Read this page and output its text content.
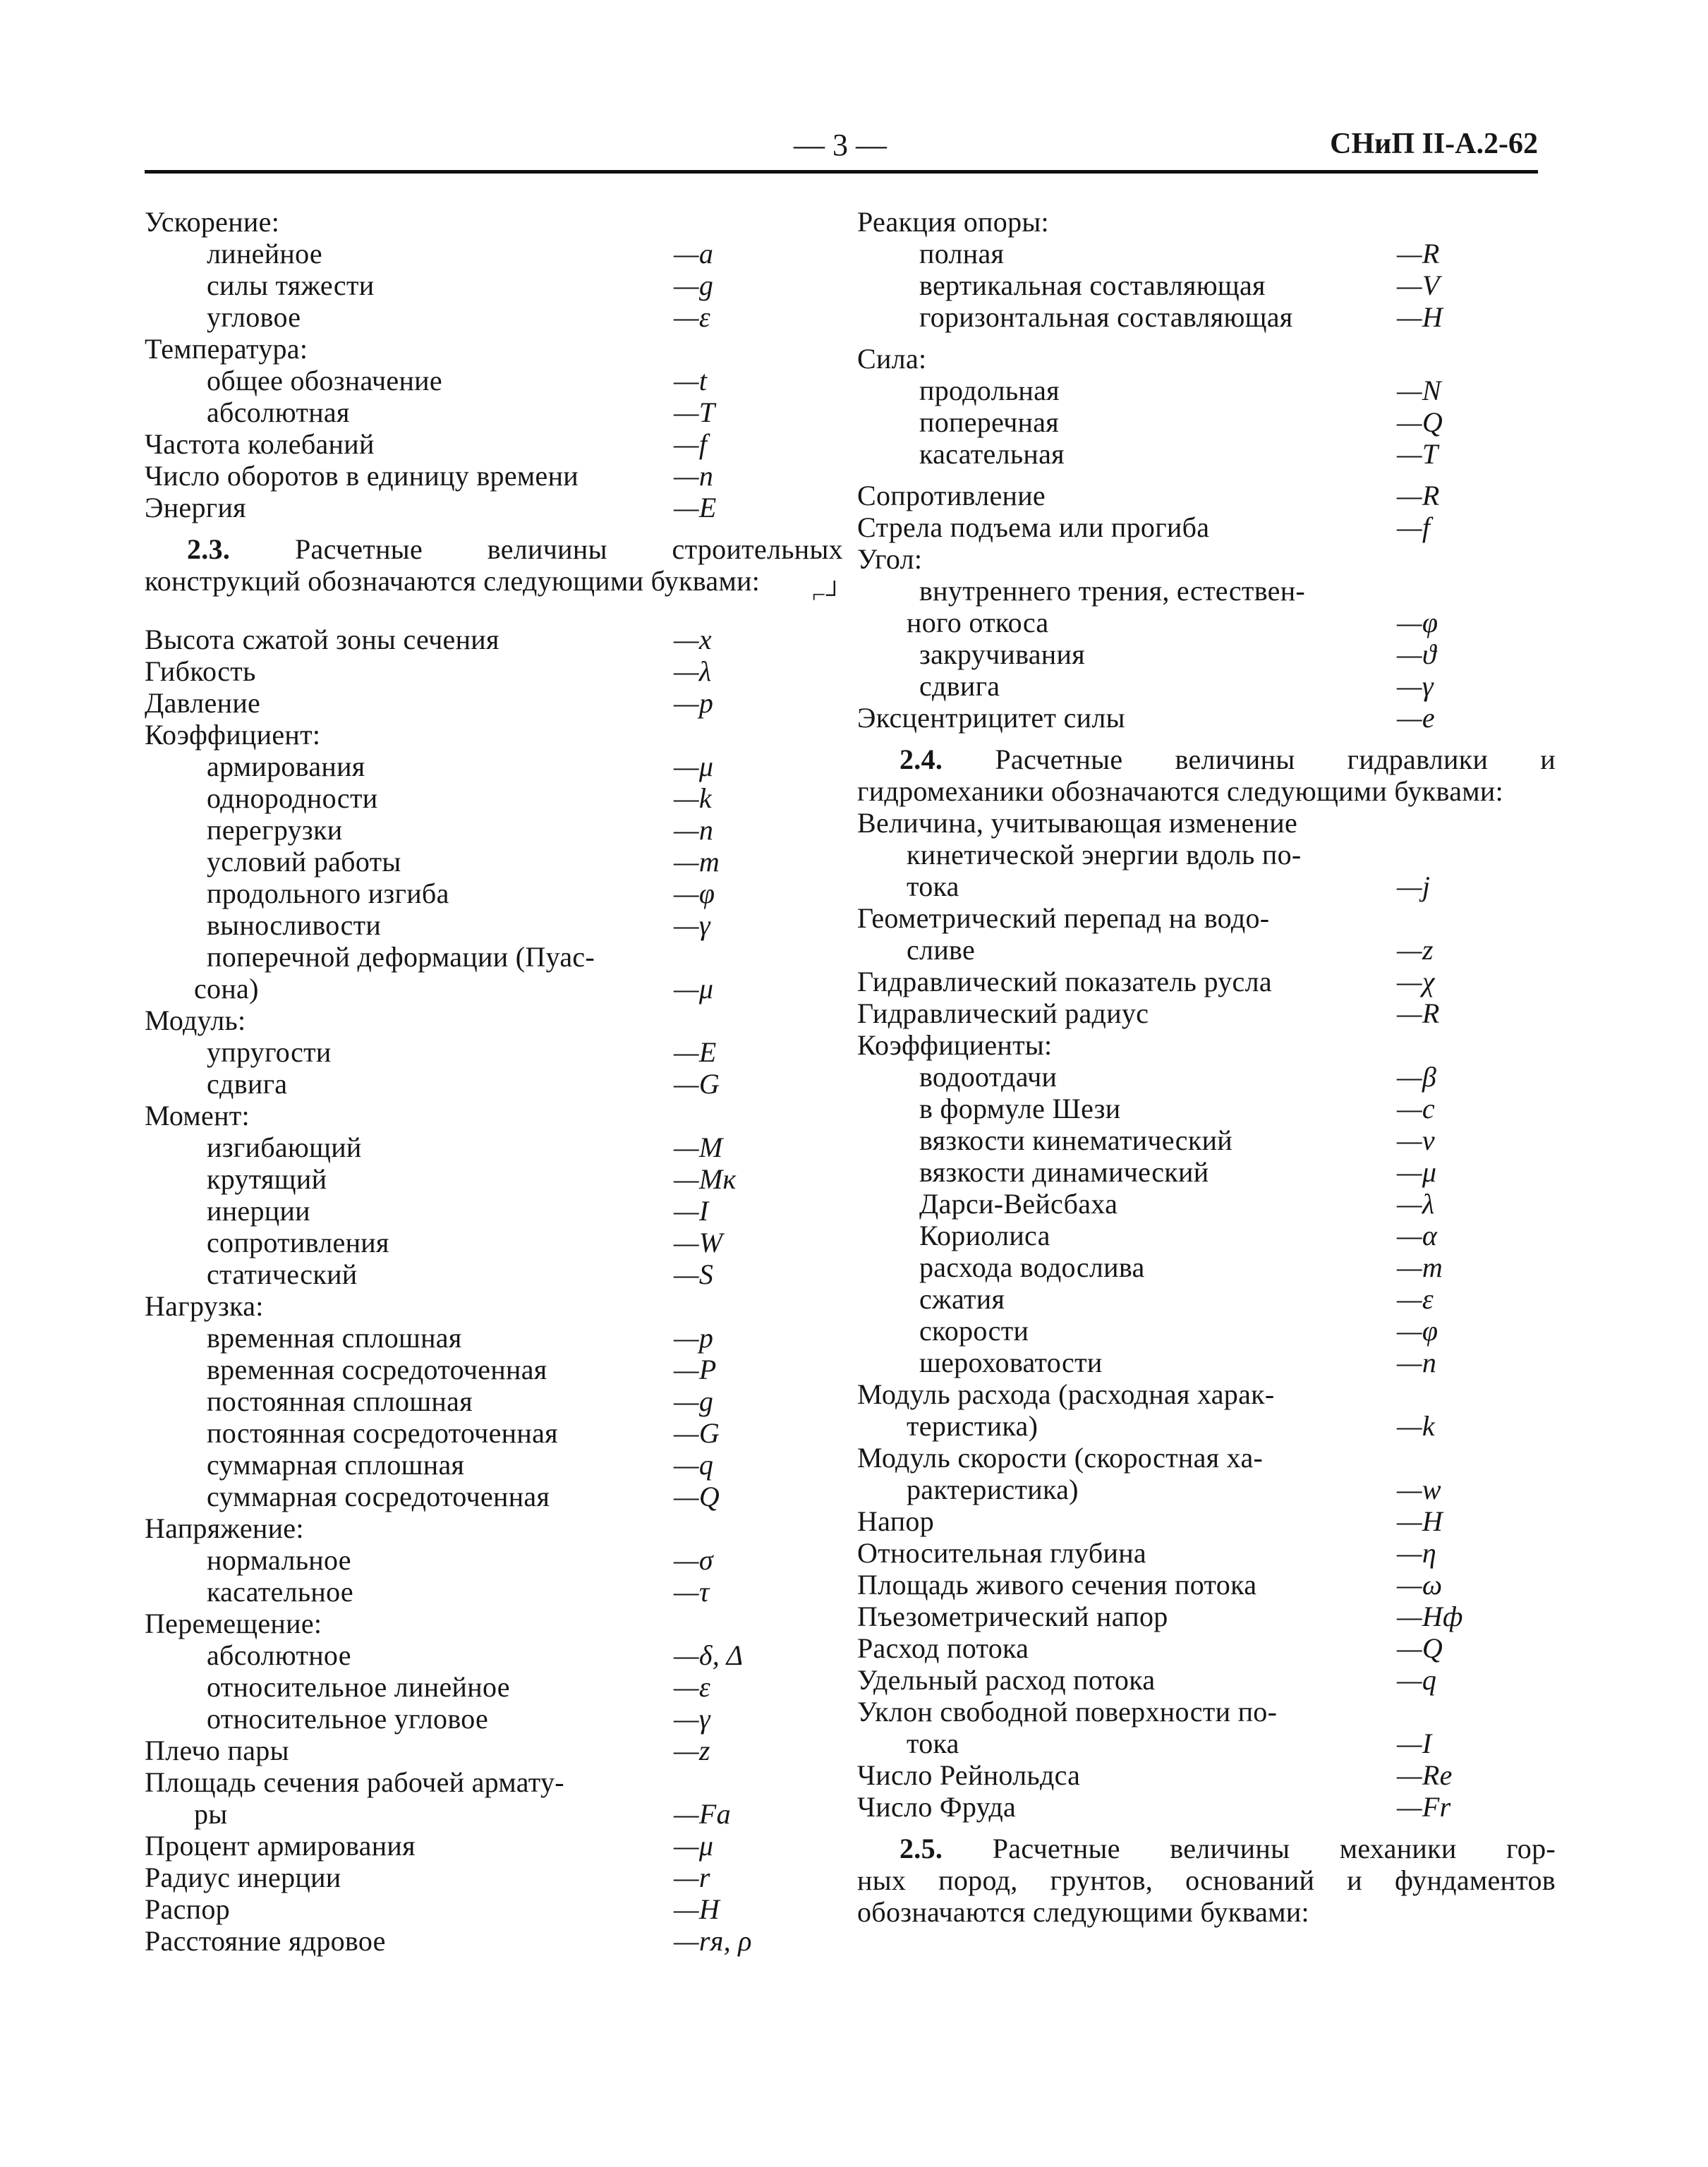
— 3 —	СНиП II-А.2-62
Ускорение:
линейное	—a
силы тяжести	—g
угловое	—ε
Температура:
общее обозначение	—t
абсолютная	—T
Частота колебаний	—f
Число оборотов в единицу времени	—n
Энергия	—E
2.3. Расчетные величины строительных
конструкций обозначаются следующими буквами: ⌐┘
Высота сжатой зоны сечения	—x
Гибкость	—λ
Давление	—p
Коэффициент:
армирования	—μ
однородности	—k
перегрузки	—n
условий работы	—m
продольного изгиба	—φ
выносливости	—γ
поперечной деформации (Пуас-
сона)	—μ
Модуль:
упругости	—E
сдвига	—G
Момент:
изгибающий	—M
крутящий	—Mк
инерции	—I
сопротивления	—W
статический	—S
Нагрузка:
временная сплошная	—p
временная сосредоточенная	—P
постоянная сплошная	—g
постоянная сосредоточенная	—G
суммарная сплошная	—q
суммарная сосредоточенная	—Q
Напряжение:
нормальное	—σ
касательное	—τ
Перемещение:
абсолютное	—δ, Δ
относительное линейное	—ε
относительное угловое	—γ
Плечо пары	—z
Площадь сечения рабочей армату-
ры	—Fа
Процент армирования	—μ
Радиус инерции	—r
Распор	—H
Расстояние ядровое	—rя, ρ
Реакция опоры:
полная	—R
вертикальная составляющая	—V
горизонтальная составляющая	—H
Сила:
продольная	—N
поперечная	—Q
касательная	—T
Сопротивление	—R
Стрела подъема или прогиба	—f
Угол:
внутреннего трения, естествен-
ного откоса	—φ
закручивания	—ϑ
сдвига	—γ
Эксцентрицитет силы	—e
2.4. Расчетные величины гидравлики и
гидромеханики обозначаются следующими буквами:
Величина, учитывающая изменение
кинетической энергии вдоль по-
тока	—j
Геометрический перепад на водо-
сливе	—z
Гидравлический показатель русла	—χ
Гидравлический радиус	—R
Коэффициенты:
водоотдачи	—β
в формуле Шези	—c
вязкости кинематический	—ν
вязкости динамический	—μ
Дарси-Вейсбаха	—λ
Кориолиса	—α
расхода водослива	—m
сжатия	—ε
скорости	—φ
шероховатости	—n
Модуль расхода (расходная харак-
теристика)	—k
Модуль скорости (скоростная ха-
рактеристика)	—w
Напор	—H
Относительная глубина	—η
Площадь живого сечения потока	—ω
Пъезометрический напор	—Hф
Расход потока	—Q
Удельный расход потока	—q
Уклон свободной поверхности по-
тока	—I
Число Рейнольдса	—Re
Число Фруда	—Fr
2.5. Расчетные величины механики гор-
ных пород, грунтов, оснований и фундаментов обозначаются следующими буквами:
